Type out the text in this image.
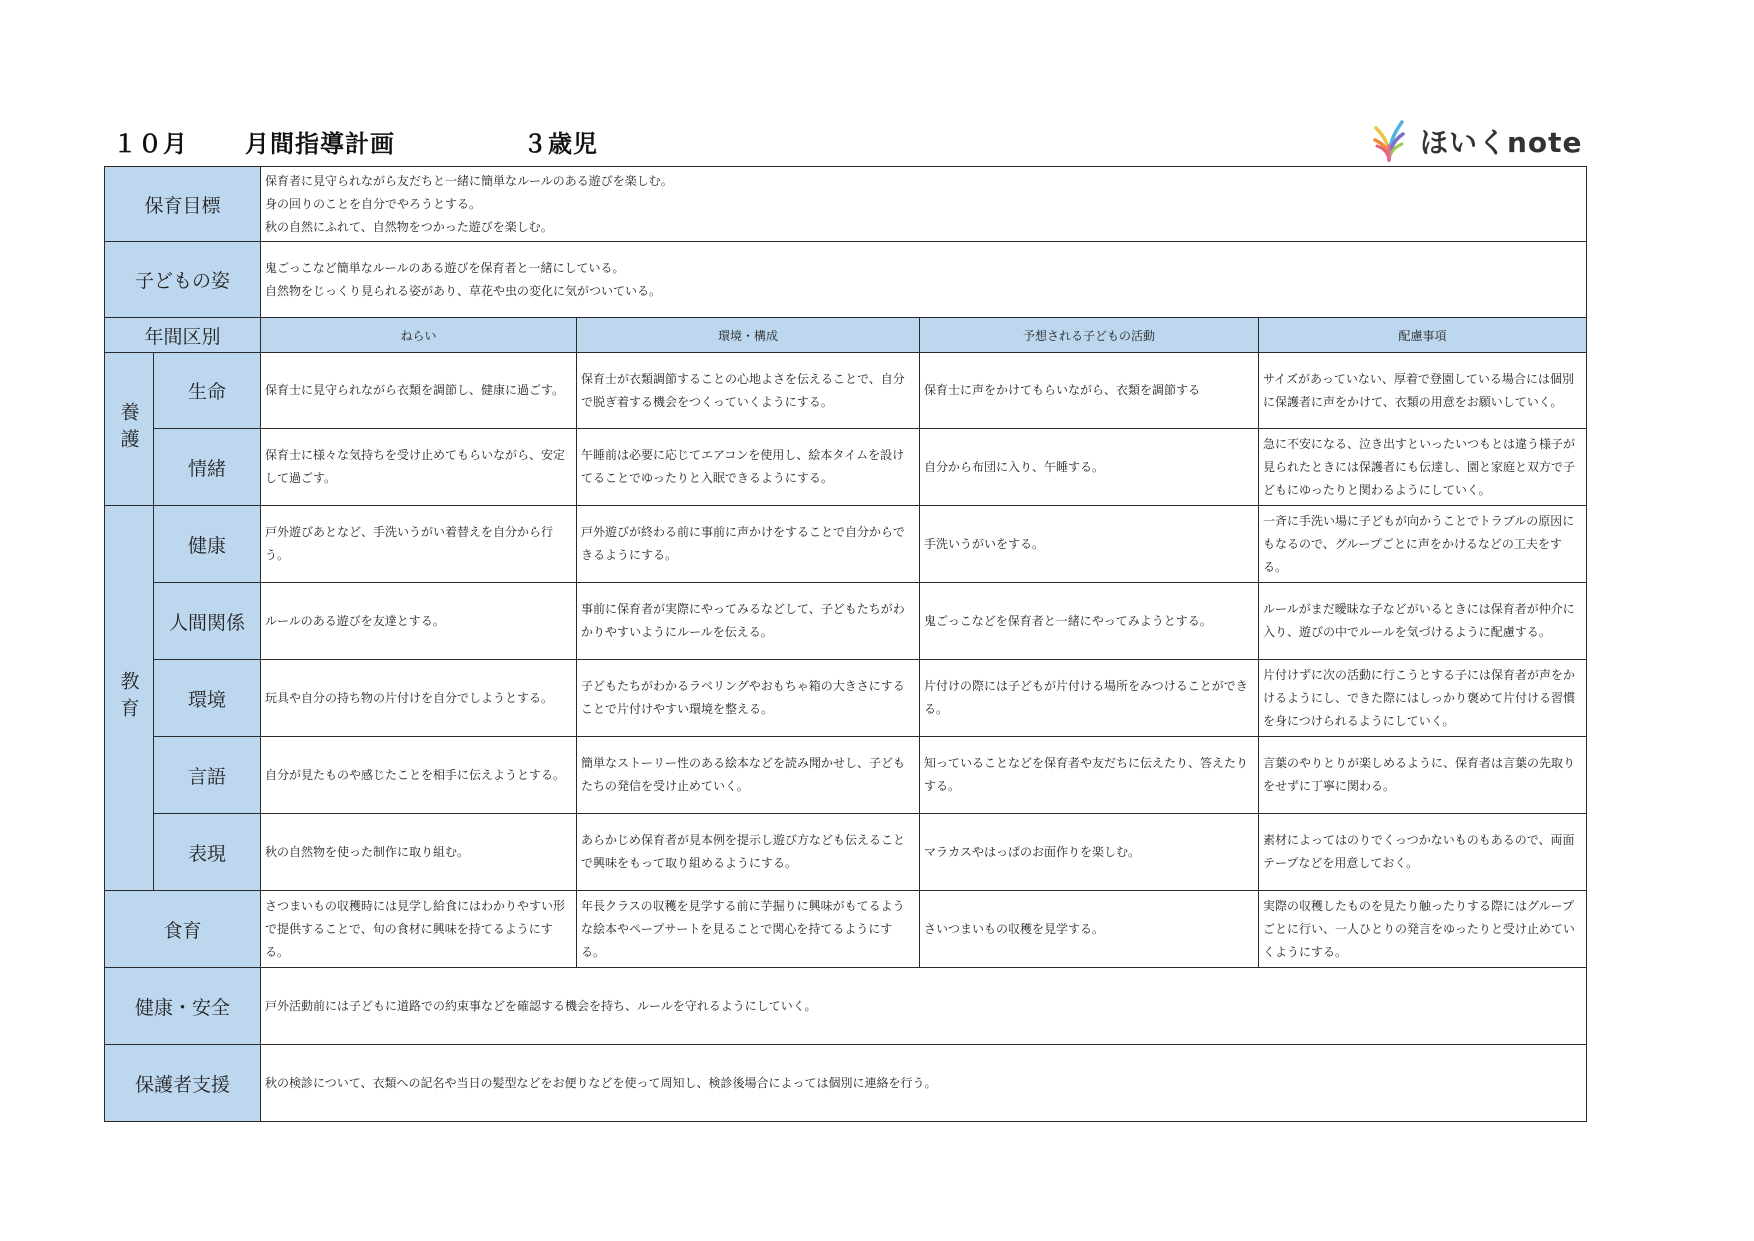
１０月 月間指導計画	３歳児	ほいくnote
保育目標		保育者に見守られながら友だちと一緒に簡単なルールのある遊びを楽しむ。
身の回りのことを自分でやろうとする。
秋の自然にふれて、自然物をつかった遊びを楽しむ。			

子どもの姿		鬼ごっこなど簡単なルールのある遊びを保育者と一緒にしている。
自然物をじっくり見られる姿があり、草花や虫の変化に気がついている。			

年間区別		ねらい	環境・構成	予想される子どもの活動	配慮事項

養護	生命	保育士に見守られながら衣類を調節し、健康に過ごす。	保育士が衣類調節することの心地よさを伝えることで、自分で脱ぎ着する機会をつくっていくようにする。	保育士に声をかけてもらいながら、衣類を調節する	サイズがあっていない、厚着で登園している場合には個別に保護者に声をかけて、衣類の用意をお願いしていく。
	情緒	保育士に様々な気持ちを受け止めてもらいながら、安定して過ごす。	午睡前は必要に応じてエアコンを使用し、絵本タイムを設けてることでゆったりと入眠できるようにする。	自分から布団に入り、午睡する。	急に不安になる、泣き出すといったいつもとは違う様子が見られたときには保護者にも伝達し、園と家庭と双方で子どもにゆったりと関わるようにしていく。

教育	健康	戸外遊びあとなど、手洗いうがい着替えを自分から行う。	戸外遊びが終わる前に事前に声かけをすることで自分からできるようにする。	手洗いうがいをする。	一斉に手洗い場に子どもが向かうことでトラブルの原因にもなるので、グループごとに声をかけるなどの工夫をする。
	人間関係	ルールのある遊びを友達とする。	事前に保育者が実際にやってみるなどして、子どもたちがわかりやすいようにルールを伝える。	鬼ごっこなどを保育者と一緒にやってみようとする。	ルールがまだ曖昧な子などがいるときには保育者が仲介に入り、遊びの中でルールを気づけるように配慮する。
	環境	玩具や自分の持ち物の片付けを自分でしようとする。	子どもたちがわかるラベリングやおもちゃ箱の大きさにすることで片付けやすい環境を整える。	片付けの際には子どもが片付ける場所をみつけることができる。	片付けずに次の活動に行こうとする子には保育者が声をかけるようにし、できた際にはしっかり褒めて片付ける習慣を身につけられるようにしていく。
	言語	自分が見たものや感じたことを相手に伝えようとする。	簡単なストーリー性のある絵本などを読み聞かせし、子どもたちの発信を受け止めていく。	知っていることなどを保育者や友だちに伝えたり、答えたりする。	言葉のやりとりが楽しめるように、保育者は言葉の先取りをせずに丁寧に関わる。
	表現	秋の自然物を使った制作に取り組む。	あらかじめ保育者が見本例を提示し遊び方なども伝えることで興味をもって取り組めるようにする。	マラカスやはっぱのお面作りを楽しむ。	素材によってはのりでくっつかないものもあるので、両面テープなどを用意しておく。
食育		さつまいもの収穫時には見学し給食にはわかりやすい形で提供することで、旬の食材に興味を持てるようにする。	年長クラスの収穫を見学する前に芋掘りに興味がもてるような絵本やペープサートを見ることで関心を持てるようにする。	さいつまいもの収穫を見学する。	実際の収穫したものを見たり触ったりする際にはグループごとに行い、一人ひとりの発言をゆったりと受け止めていくようにする。
健康・安全		戸外活動前には子どもに道路での約束事などを確認する機会を持ち、ルールを守れるようにしていく。			
保護者支援		秋の検診について、衣類への記名や当日の髪型などをお便りなどを使って周知し、検診後場合によっては個別に連絡を行う。			
